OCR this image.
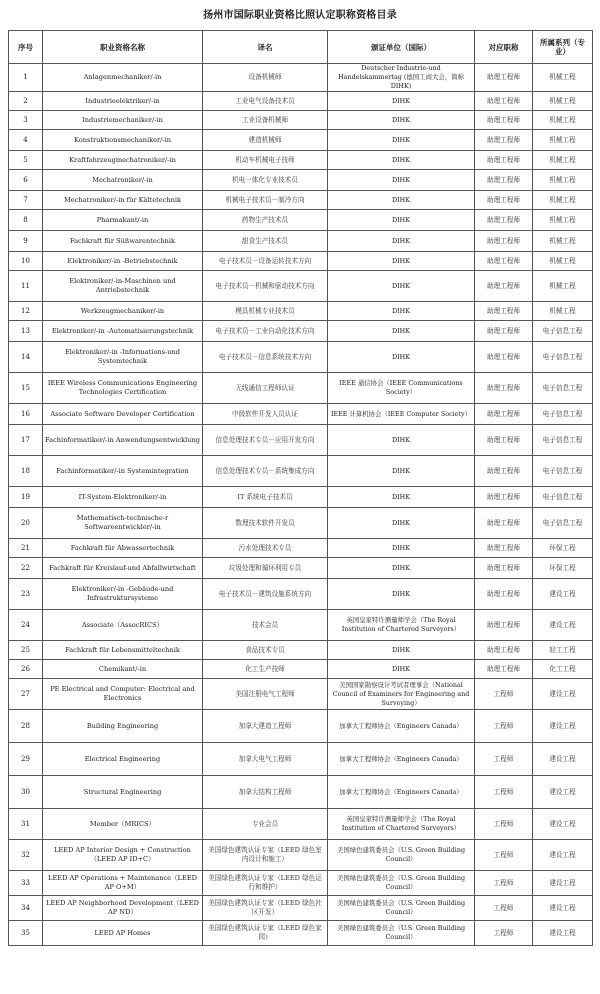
扬州市国际职业资格比照认定职称资格目录
序号	职业资格名称	译名	颁证单位（国际）	对应职称	所属系列（专业）
1	Anlagenmechaniker/-in	设备机械师	Deutscher Industrie-und Handelskammertag (德国工商大会，简称 DIHK)	助理工程师	机械工程
2	Industrieelektriker/-in	工业电气设备技术员	DIHK	助理工程师	机械工程
3	Industriemechaniker/-in	工业设备机械师	DIHK	助理工程师	机械工程
4	Konstruktionsmechaniker/-in	建造机械师	DIHK	助理工程师	机械工程
5	Kraftfahrzeugmechatroniker/-in	机动车机械电子技师	DIHK	助理工程师	机械工程
6	Mechatroniker/-in	机电一体化专业技术员	DIHK	助理工程师	机械工程
7	Mechatroniker/-in für Kältetechnik	机械电子技术员－制冷方向	DIHK	助理工程师	机械工程
8	Pharmakant/-in	药物生产技术员	DIHK	助理工程师	机械工程
9	Fachkraft für Süßwarentechnik	甜食生产技术员	DIHK	助理工程师	机械工程
10	Elektroniker/-in -Betriebstechnik	电子技术员－设备运转技术方向	DIHK	助理工程师	机械工程
11	Elektroniker/-in-Maschinen und Antriebstechnik	电子技术员－机械和驱动技术方向	DIHK	助理工程师	机械工程
12	Werkzeugmechaniker/-in	模具机械专业技术员	DIHK	助理工程师	机械工程
13	Elektroniker/-in -Automatisierungstechnik	电子技术员－工业自动化技术方向	DIHK	助理工程师	电子信息工程
14	Elektroniker/-in -Informations-und Systemtechnik	电子技术员－信息系统技术方向	DIHK	助理工程师	电子信息工程
15	IEEE Wireless Communications Engineering Technologies Certification	无线通信工程师认证	IEEE 通信协会（IEEE Communications Society）	助理工程师	电子信息工程
16	Associate Software Developer Certification	中级软件开发人员认证	IEEE 计算机协会（IEEE Computer Society）	助理工程师	电子信息工程
17	Fachinformatiker/-in Anwendungsentwicklung	信息处理技术专员－应用开发方向	DIHK	助理工程师	电子信息工程
18	Fachinformatiker/-in Systemintegration	信息处理技术专员－系统集成方向	DIHK	助理工程师	电子信息工程
19	IT-System-Elektroniker/-in	IT 系统电子技术员	DIHK	助理工程师	电子信息工程
20	Mathematisch-technische-r Softwareentwickler/-in	数理技术软件开发员	DIHK	助理工程师	电子信息工程
21	Fachkraft für Abwassertechnik	污水处理技术专员	DIHK	助理工程师	环保工程
22	Fachkraft für Kreislauf-und Abfallwirtschaft	垃圾处理和循环利用专员	DIHK	助理工程师	环保工程
23	Elektroniker/-in -Gebäude-und Infrastruktursysteme	电子技术员－建筑设施系统方向	DIHK	助理工程师	建设工程
24	Associate（AssocRICS）	技术会员	英国皇家特许测量师学会（The Royal Institution of Chartered Surveyors）	助理工程师	建设工程
25	Fachkraft für Lebensmitteltechnik	食品技术专员	DIHK	助理工程师	轻工工程
26	Chemikant/-in	化工生产技师	DIHK	助理工程师	化工工程
27	PE Electrical and Computer: Electrical and Electronics	美国注册电气工程师	美国国家勘察设计考试者理事会（National Council of Examiners for Engineering and Surveying）	工程师	建设工程
28	Building Engineering	加拿大建造工程师	加拿大工程师协会（Engineers Canada）	工程师	建设工程
29	Electrical Engineering	加拿大电气工程师	加拿大工程师协会（Engineers Canada）	工程师	建设工程
30	Structural Engineering	加拿大结构工程师	加拿大工程师协会（Engineers Canada）	工程师	建设工程
31	Member（MRICS）	专业会员	英国皇家特许测量师学会（The Royal Institution of Chartered Surveyors）	工程师	建设工程
32	LEED AP Interior Design + Construction（LEED AP ID+C）	美国绿色建筑认证专家（LEED 绿色室内设计和施工）	美国绿色建筑委员会（U.S. Green Building Council）	工程师	建设工程
33	LEED AP Operations + Maintenance（LEED AP O+M）	美国绿色建筑认证专家（LEED 绿色运行和维护）	美国绿色建筑委员会（U.S. Green Building Council）	工程师	建设工程
34	LEED AP Neighborhood Development（LEED AP ND）	美国绿色建筑认证专家（LEED 绿色社区开发）	美国绿色建筑委员会（U.S. Green Building Council）	工程师	建设工程
35	LEED AP Homes	美国绿色建筑认证专家（LEED 绿色家园）	美国绿色建筑委员会（U.S. Green Building Council）	工程师	建设工程
